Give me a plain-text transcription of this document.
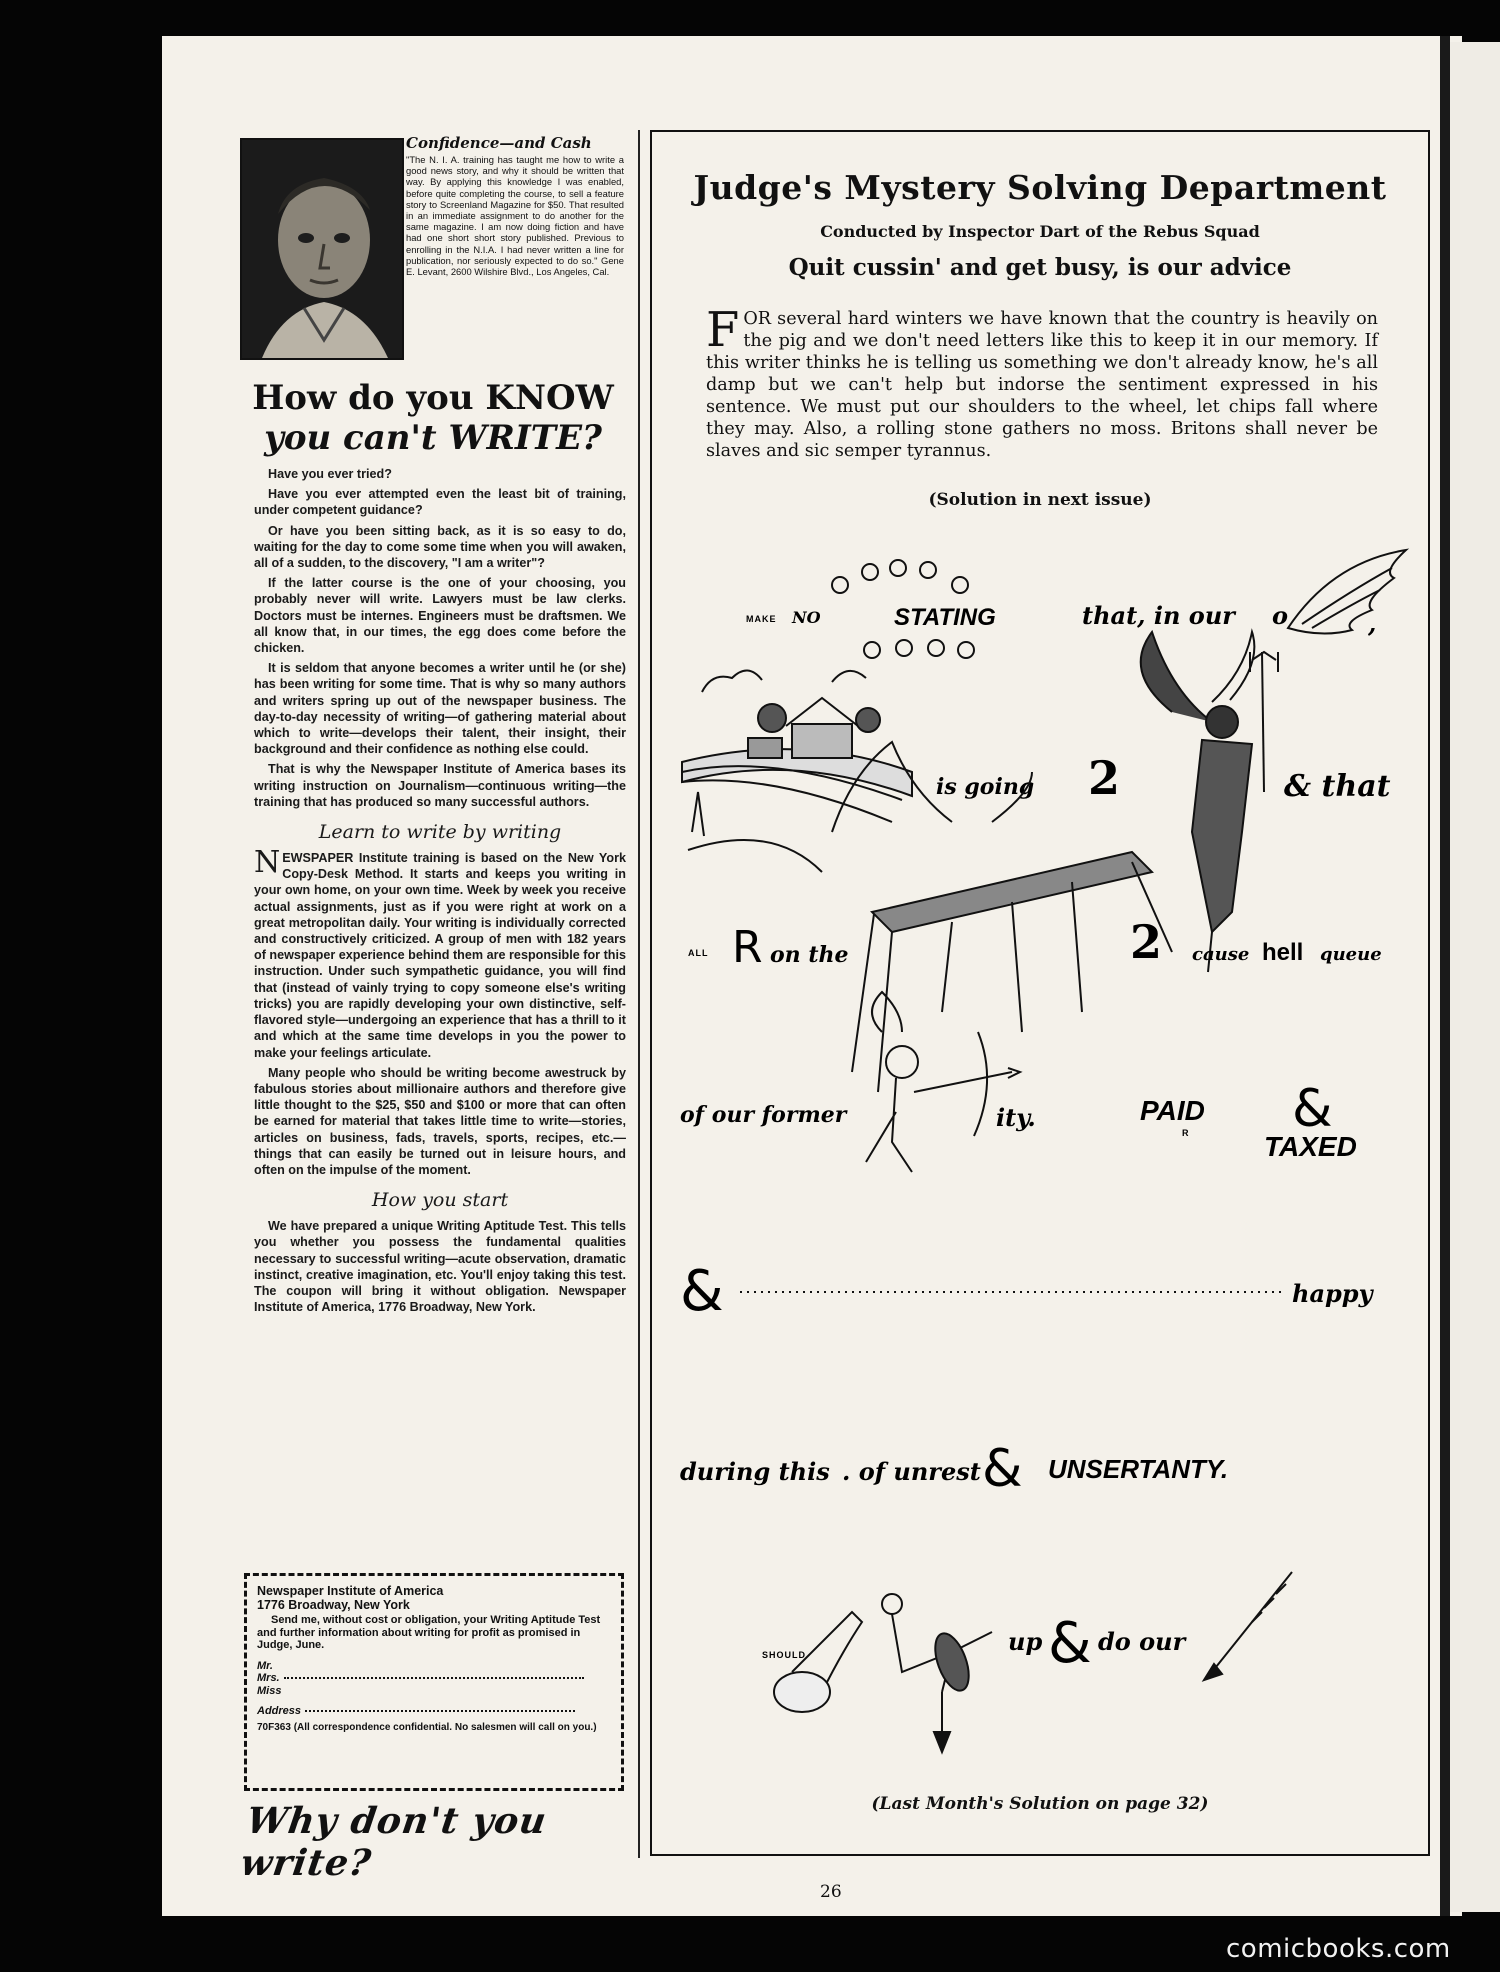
Confidence—and Cash
"The N. I. A. training has taught me how to write a good news story, and why it should be written that way. By applying this knowledge I was enabled, before quite completing the course, to sell a feature story to Screenland Magazine for $50. That resulted in an immediate assignment to do another for the same magazine. I am now doing fiction and have had one short short story published. Previous to enrolling in the N.I.A. I had never written a line for publication, nor seriously expected to do so." Gene E. Levant, 2600 Wilshire Blvd., Los Angeles, Cal.
How do you KNOW
you can't WRITE?

Have you ever tried?

Have you ever attempted even the least bit of training, under competent guidance?

Or have you been sitting back, as it is so easy to do, waiting for the day to come some time when you will awaken, all of a sudden, to the discovery, "I am a writer"?

If the latter course is the one of your choosing, you probably never will write. Lawyers must be law clerks. Doctors must be internes. Engineers must be draftsmen. We all know that, in our times, the egg does come before the chicken.

It is seldom that anyone becomes a writer until he (or she) has been writing for some time. That is why so many authors and writers spring up out of the newspaper business. The day-to-day necessity of writing—of gathering material about which to write—develops their talent, their insight, their background and their confidence as nothing else could.

That is why the Newspaper Institute of America bases its writing instruction on Journalism—continuous writing—the training that has produced so many successful authors.

Learn to write by writing

NEWSPAPER Institute training is based on the New York Copy-Desk Method. It starts and keeps you writing in your own home, on your own time. Week by week you receive actual assignments, just as if you were right at work on a great metropolitan daily. Your writing is individually corrected and constructively criticized. A group of men with 182 years of newspaper experience behind them are responsible for this instruction. Under such sympathetic guidance, you will find that (instead of vainly trying to copy someone else's writing tricks) you are rapidly developing your own distinctive, self-flavored style—undergoing an experience that has a thrill to it and which at the same time develops in you the power to make your feelings articulate.

Many people who should be writing become awestruck by fabulous stories about millionaire authors and therefore give little thought to the $25, $50 and $100 or more that can often be earned for material that takes little time to write—stories, articles on business, fads, travels, sports, recipes, etc.—things that can easily be turned out in leisure hours, and often on the impulse of the moment.

How you start

We have prepared a unique Writing Aptitude Test. This tells you whether you possess the fundamental qualities necessary to successful writing—acute observation, dramatic instinct, creative imagination, etc. You'll enjoy taking this test. The coupon will bring it without obligation. Newspaper Institute of America, 1776 Broadway, New York.

Newspaper Institute of America
1776 Broadway, New York
Send me, without cost or obligation, your Writing Aptitude Test and further information about writing for profit as promised in Judge, June.
Mr.
Mrs.
Miss
Address
70F363 (All correspondence confidential. No salesmen will call on you.)
Why don't you write?
Judge's Mystery Solving Department
Conducted by Inspector Dart of the Rebus Squad
Quit cussin' and get busy, is our advice
FOR several hard winters we have known that the country is heavily on the pig and we don't need letters like this to keep it in our memory. If this writer thinks he is telling us something we don't already know, he's all damp but we can't help but indorse the sentiment expressed in his sentence. We must put our shoulders to the wheel, let chips fall where they may. Also, a rolling stone gathers no moss. Britons shall never be slaves and sic semper tyrannus.
(Solution in next issue)
MAKE NO	STATING	that, in our o	,
is going 2	& that
ALL R on the	2 cause hell queue
of our former	ity.	PAID
R &
TAXED
&	happy
during this . of unrest & UNSERTANTY.
SHOULD	up & do our
(Last Month's Solution on page 32)
26
comicbooks.com
